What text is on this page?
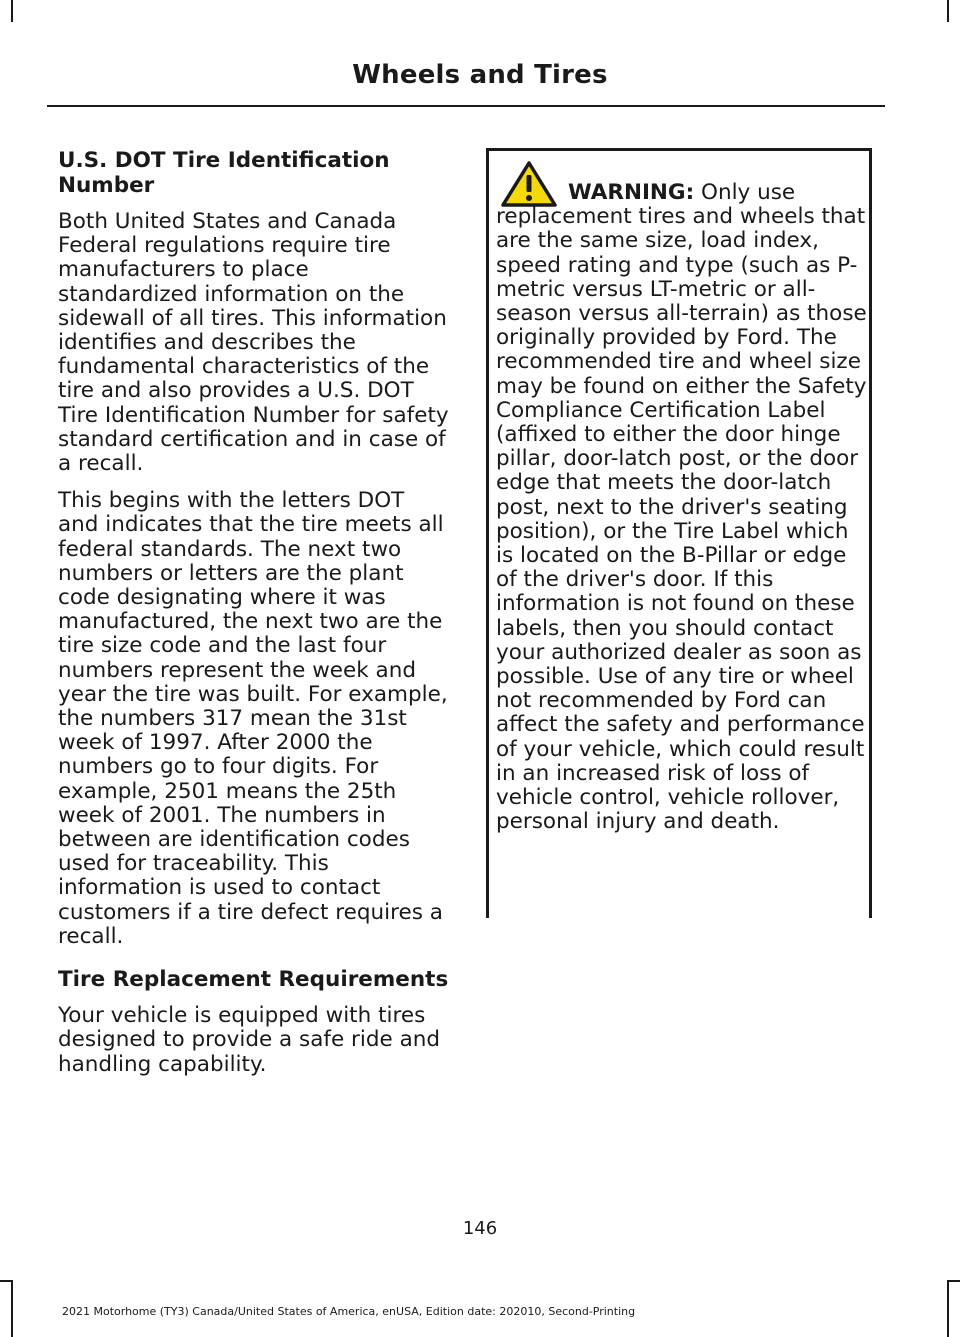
Wheels and Tires
U.S. DOT Tire Identification Number

Both United States and Canada Federal regulations require tire manufacturers to place standardized information on the sidewall of all tires. This information identifies and describes the fundamental characteristics of the tire and also provides a U.S. DOT Tire Identification Number for safety standard certification and in case of a recall.

This begins with the letters DOT and indicates that the tire meets all federal standards. The next two numbers or letters are the plant code designating where it was manufactured, the next two are the tire size code and the last four numbers represent the week and year the tire was built. For example, the numbers 317 mean the 31st week of 1997. After 2000 the numbers go to four digits. For example, 2501 means the 25th week of 2001. The numbers in between are identification codes used for traceability. This information is used to contact customers if a tire defect requires a recall.

Tire Replacement Requirements

Your vehicle is equipped with tires designed to provide a safe ride and handling capability.

WARNING: Only use replacement tires and wheels that are the same size, load index, speed rating and type (such as P-metric versus LT-metric or all-season versus all-terrain) as those originally provided by Ford. The recommended tire and wheel size may be found on either the Safety Compliance Certification Label (affixed to either the door hinge pillar, door-latch post, or the door edge that meets the door-latch post, next to the driver's seating position), or the Tire Label which is located on the B-Pillar or edge of the driver's door. If this information is not found on these labels, then you should contact your authorized dealer as soon as possible. Use of any tire or wheel not recommended by Ford can affect the safety and performance of your vehicle, which could result in an increased risk of loss of vehicle control, vehicle rollover, personal injury and death.
146
2021 Motorhome (TY3) Canada/United States of America, enUSA, Edition date: 202010, Second-Printing
